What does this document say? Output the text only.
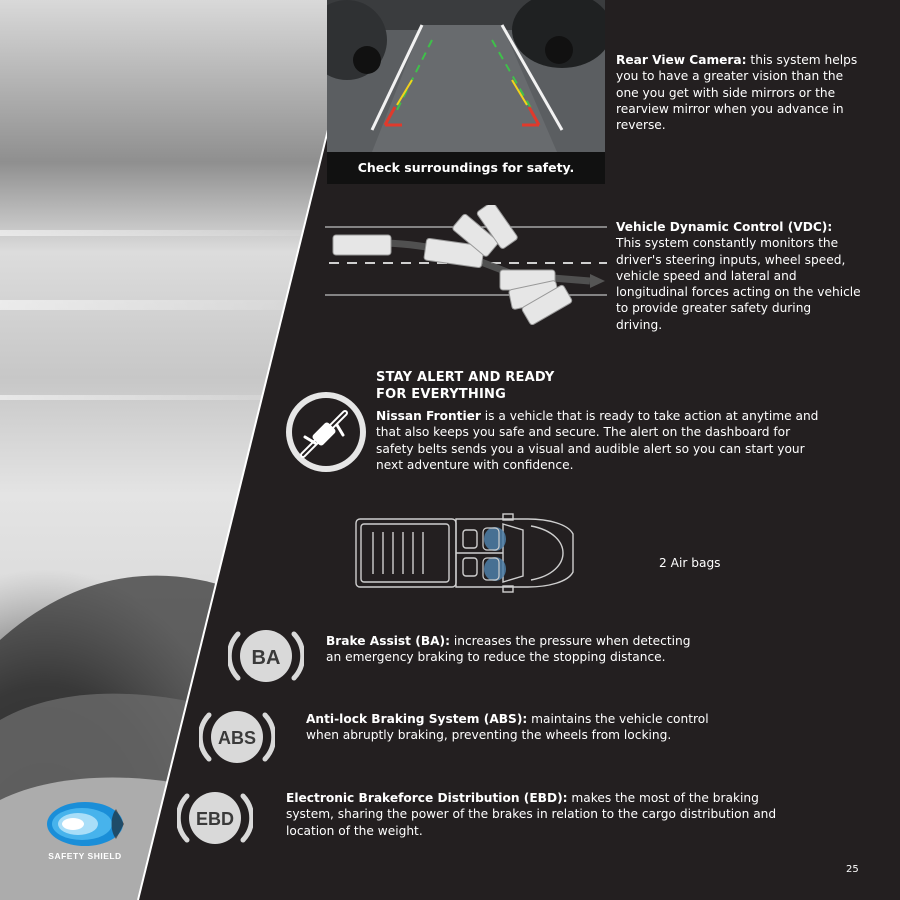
Check surroundings for safety.
Rear View Camera: this system helps you to have a greater vision than the one you get with side mirrors or the rearview mirror when you advance in reverse.
Vehicle Dynamic Control (VDC):
This system constantly monitors the driver's steering inputs, wheel speed, vehicle speed and lateral and longitudinal forces acting on the vehicle to provide greater safety during driving.
STAY ALERT AND READY
FOR EVERYTHING
Nissan Frontier is a vehicle that is ready to take action at anytime and that also keeps you safe and secure. The alert on the dashboard for safety belts sends you a visual and audible alert so you can start your next adventure with confidence.
2 Air bags
BA
Brake Assist (BA): increases the pressure when detecting an emergency braking to reduce the stopping distance.
ABS
Anti-lock Braking System (ABS): maintains the vehicle control when abruptly braking, preventing the wheels from locking.
EBD
Electronic Brakeforce Distribution (EBD): makes the most of the braking system, sharing the power of the brakes in relation to the cargo distribution and location of the weight.
SAFETY SHIELD
25
